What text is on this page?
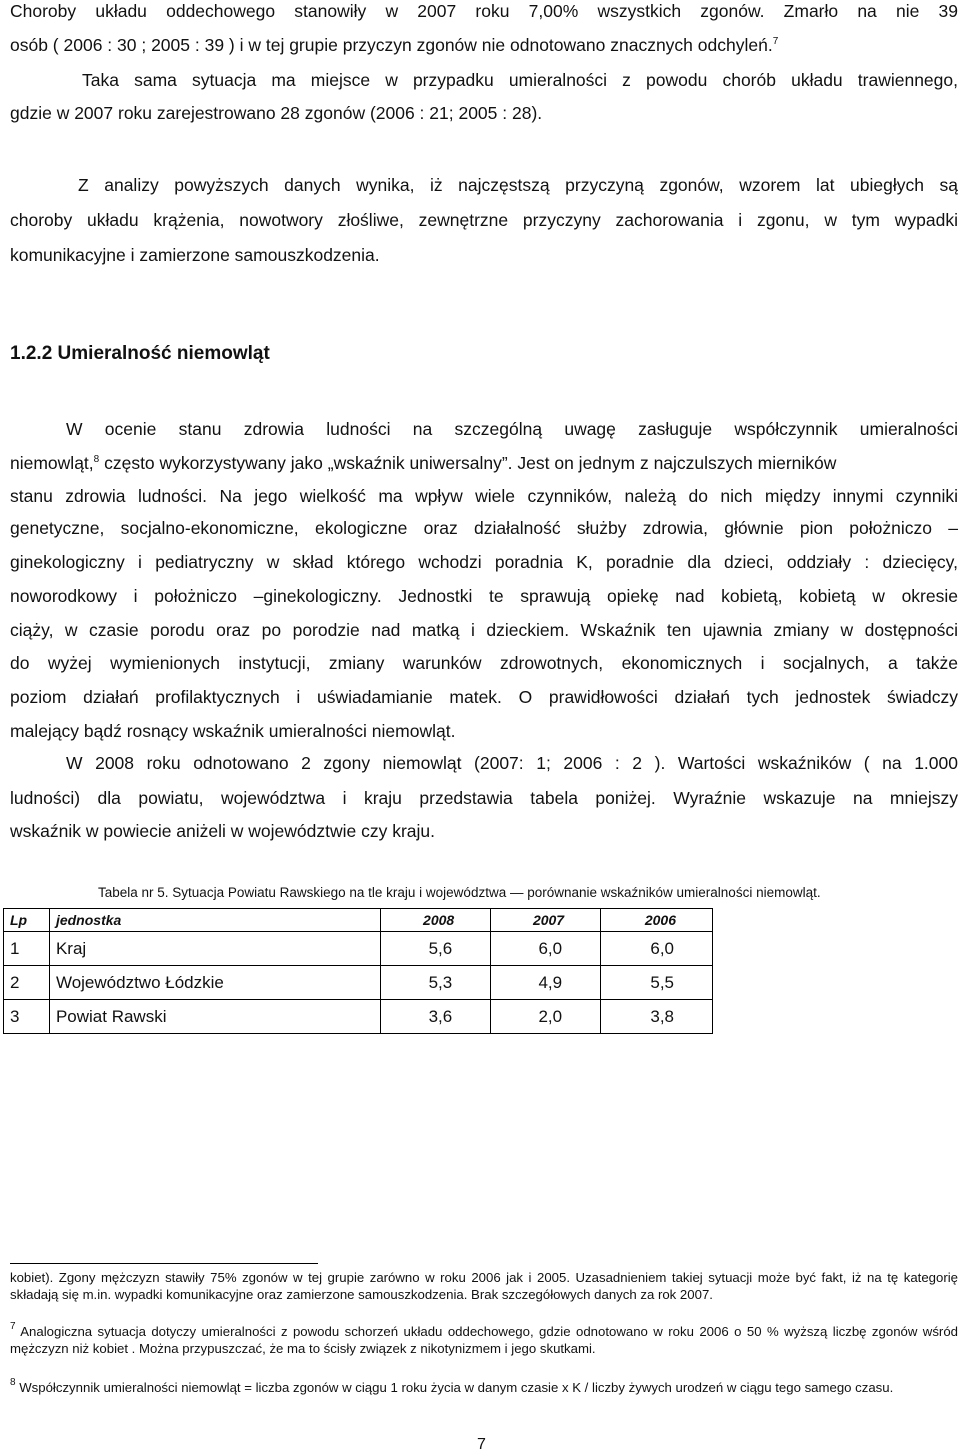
Choroby układu oddechowego stanowiły w 2007 roku 7,00% wszystkich zgonów. Zmarło na nie 39
osób ( 2006 : 30 ; 2005 : 39 ) i w tej grupie przyczyn zgonów nie odnotowano znacznych odchyleń.$^7$
Taka sama sytuacja ma miejsce w przypadku umieralności z powodu chorób układu trawiennego,
gdzie w 2007 roku zarejestrowano 28 zgonów (2006 : 21; 2005 : 28).
Z analizy powyższych danych wynika, iż najczęstszą przyczyną zgonów, wzorem lat ubiegłych są
choroby układu krążenia, nowotwory złośliwe, zewnętrzne przyczyny zachorowania i zgonu, w tym wypadki
komunikacyjne i zamierzone samouszkodzenia.
1.2.2 Umieralność niemowląt
W ocenie stanu zdrowia ludności na szczególną uwagę zasługuje współczynnik umieralności
niemowląt,$^8$ często wykorzystywany jako „wskaźnik uniwersalny”. Jest on jednym z najczulszych mierników
stanu zdrowia ludności. Na jego wielkość ma wpływ wiele czynników, należą do nich między innymi czynniki
genetyczne, socjalno-ekonomiczne, ekologiczne oraz działalność służby zdrowia, głównie pion położniczo –
ginekologiczny i pediatryczny w skład którego wchodzi poradnia K, poradnie dla dzieci, oddziały : dziecięcy,
noworodkowy i położniczo –ginekologiczny. Jednostki te sprawują opiekę nad kobietą, kobietą w okresie
ciąży, w czasie porodu oraz po porodzie nad matką i dzieckiem. Wskaźnik ten ujawnia zmiany w dostępności
do wyżej wymienionych instytucji, zmiany warunków zdrowotnych, ekonomicznych i socjalnych, a także
poziom działań profilaktycznych i uświadamianie matek. O prawidłowości działań tych jednostek świadczy
malejący bądź rosnący wskaźnik umieralności niemowląt.
W 2008 roku odnotowano 2 zgony niemowląt (2007: 1; 2006 : 2 ). Wartości wskaźników ( na 1.000
ludności) dla powiatu, województwa i kraju przedstawia tabela poniżej. Wyraźnie wskazuje na mniejszy
wskaźnik w powiecie aniżeli w województwie czy kraju.
Tabela nr 5. Sytuacja Powiatu Rawskiego na tle kraju i województwa — porównanie wskaźników umieralności niemowląt.
Lp	jednostka	2008	2007	2006
1	Kraj	5,6	6,0	6,0
2	Województwo Łódzkie	5,3	4,9	5,5
3	Powiat Rawski	3,6	2,0	3,8
kobiet). Zgony mężczyzn stawiły 75% zgonów w tej grupie zarówno w roku 2006 jak i 2005. Uzasadnieniem takiej sytuacji może być fakt, iż na tę kategorię składają się m.in. wypadki komunikacyjne oraz zamierzone samouszkodzenia. Brak szczegółowych danych za rok 2007.
$^7$ Analogiczna sytuacja dotyczy umieralności z powodu schorzeń układu oddechowego, gdzie odnotowano w roku 2006 o 50 % wyższą liczbę zgonów wśród mężczyzn niż kobiet . Można przypuszczać, że ma to ścisły związek z nikotynizmem i jego skutkami.
$^8$ Współczynnik umieralności niemowląt = liczba zgonów w ciągu 1 roku życia w danym czasie x K / liczby żywych urodzeń w ciągu tego samego czasu.
7
